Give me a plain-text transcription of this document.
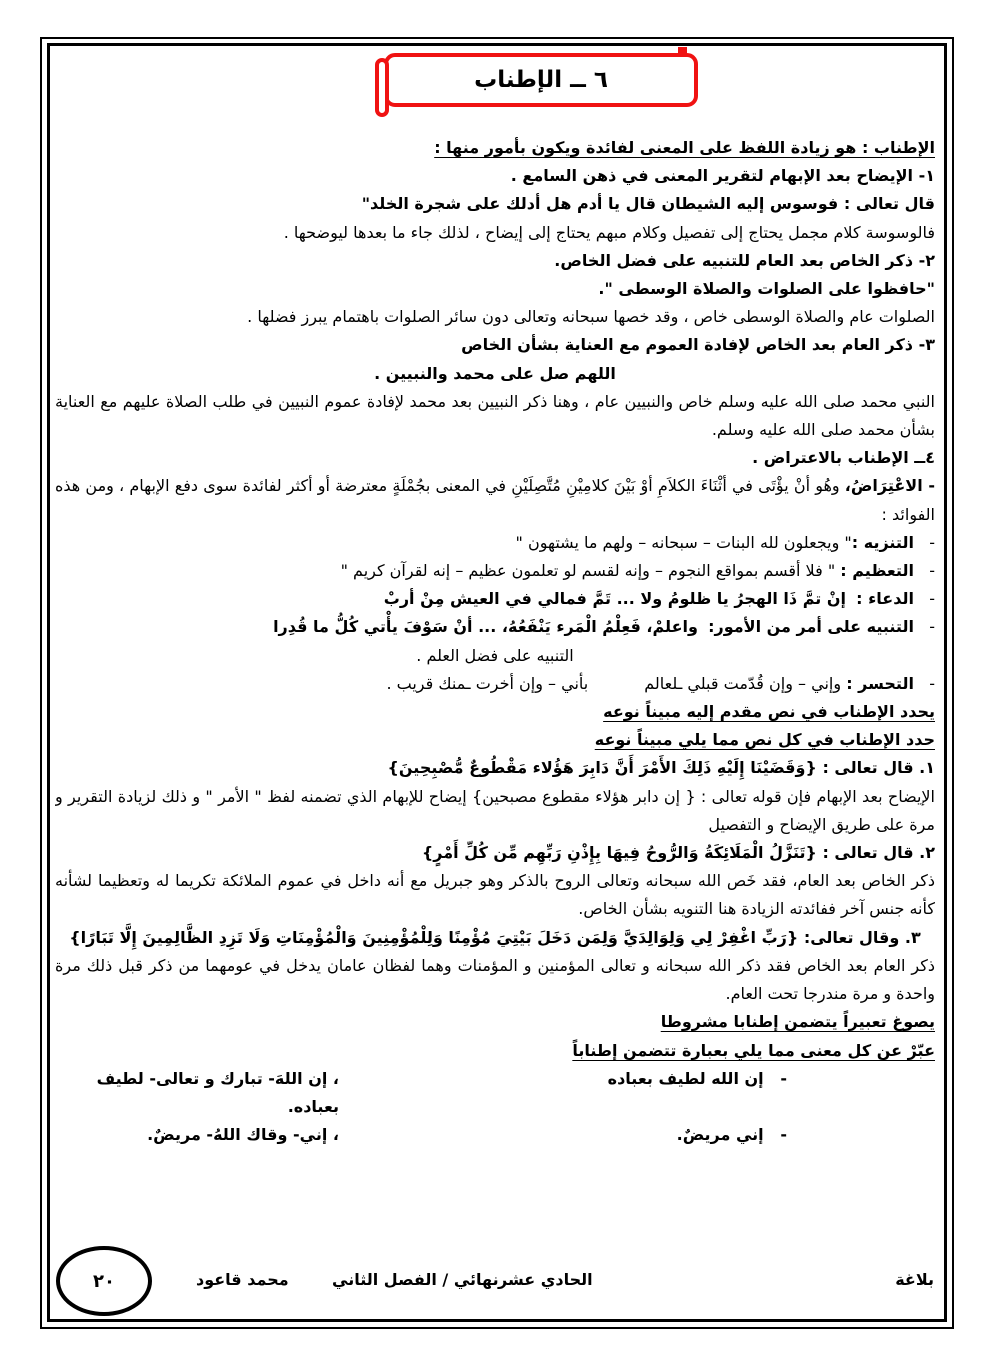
٦ ــ الإطناب

الإطناب : هو زيادة اللفظ على المعنى لفائدة ويكون بأمور منها :

١- الإيضاح بعد الإبهام لتقرير المعنى في ذهن السامع .

قال تعالى : فوسوس إليه الشيطان قال يا أدم هل أدلك على شجرة الخلد"

فالوسوسة كلام مجمل يحتاج إلى تفصيل وكلام مبهم يحتاج إلى إيضاح ، لذلك جاء ما بعدها ليوضحها .

٢- ذكر الخاص بعد العام للتنبيه على فضل الخاص.

"حافظوا على الصلوات والصلاة الوسطى ".

الصلوات عام والصلاة الوسطى خاص ، وقد خصها سبحانه وتعالى دون سائر الصلوات باهتمام يبرز فضلها .

٣- ذكر العام بعد الخاص لإفادة العموم مع العناية بشأن الخاص

اللهم صل على محمد والنبيين .

النبي محمد صلى الله عليه وسلم خاص والنبيين عام ، وهنا ذكر النبيين بعد محمد لإفادة عموم النبيين في طلب الصلاة عليهم مع العناية بشأن محمد صلى الله عليه وسلم.

٤ــ الإطناب بالاعتراض .

- الاعْتِرَاضُ، وهُو أنْ يؤْتَى في أثْنَاءَ الكلاَمِ أوْ بَيْنَ كلامِيْنِ مُتَّصِلَيْنِ في المعنى بجُمْلَةٍ معترضة أو أكثر لفائدة سوى دفع الإبهام ، ومن هذه الفوائد :

-   التنزيه :" ويجعلون لله البنات – سبحانه – ولهم ما يشتهون "

-   التعظيم : " فلا أقسم بمواقع النجوم – وإنه لقسم لو تعلمون عظيم – إنه لقرآن كريم "

-   الدعاء :  إنْ تمَّ ذَا الهجرُ يا ظلومُ ولا ... تَمَّ فمالي في العيش مِنْ أربْ

-   التنبيه على أمر من الأمور:  واعلمْ، فَعِلْمُ الْمَرء يَنْفَعُهُ، ... أنْ سَوْفَ يأْتي كُلُّ ما قُدِرا

التنبيه على فضل العلم .

-   التحسر : وإني – وإن قُدّمت قبلي ـلعالمبأني – وإن أخرت ـمنك قريب .

يحدد الإطناب في نص مقدم إليه مبيناً نوعه

حدد الإطناب في كل نص مما يلي مبيناً نوعه

١. قال تعالى : {وَقَضَيْنَا إِلَيْهِ ذَلِكَ الأَمْرَ أَنَّ دَابِرَ هَؤُلاء مَقْطُوعٌ مُّصْبِحِينَ}

الإيضاح بعد الإبهام فإن قوله تعالى : { إن دابر هؤلاء مقطوع مصبحين} إيضاح للإبهام الذي تضمنه لفظ " الأمر " و ذلك لزيادة التقرير و مرة على طريق الإيضاح و التفصيل

٢. قال تعالى : {تَنَزَّلُ الْمَلَائِكَةُ وَالرُّوحُ فِيهَا بِإِذْنِ رَبِّهِم مِّن كُلِّ أَمْرٍ}

ذكر الخاص بعد العام، فقد خَص الله سبحانه وتعالى الروح بالذكر وهو جبريل مع أنه داخل في عموم الملائكة تكريما له وتعظيما لشأنه كأنه جنس آخر ففائدته الزيادة هنا التنويه بشأن الخاص.

٣. وقال تعالى: {رَبِّ اغْفِرْ لِي وَلِوَالِدَيَّ وَلِمَن دَخَلَ بَيْتِيَ مُؤْمِنًا وَلِلْمُؤْمِنِينَ وَالْمُؤْمِنَاتِ وَلَا تَزِدِ الظَّالِمِينَ إِلَّا تَبَارًا}

ذكر العام بعد الخاص فقد ذكر الله سبحانه و تعالى المؤمنين و المؤمنات وهما لفظان عامان يدخل في عومهما من ذكر قبل ذلك مرة واحدة و مرة مندرجا تحت العام.

يصوغ تعبيراً يتضمن إطنابا مشروطا

عبّرْ عن كل معنى مما يلي بعبارة تتضمن إطناباً

-   إن الله لطيف بعباده
، إن اللهَ- تبارك و تعالى- لطيف بعباده.
-   إني مريضٌ.
، إني- وقاك اللهُ- مريضٌ.
بلاغة
الحادي عشر
نهائي / الفصل الثاني
محمد قاعود
٢٠
